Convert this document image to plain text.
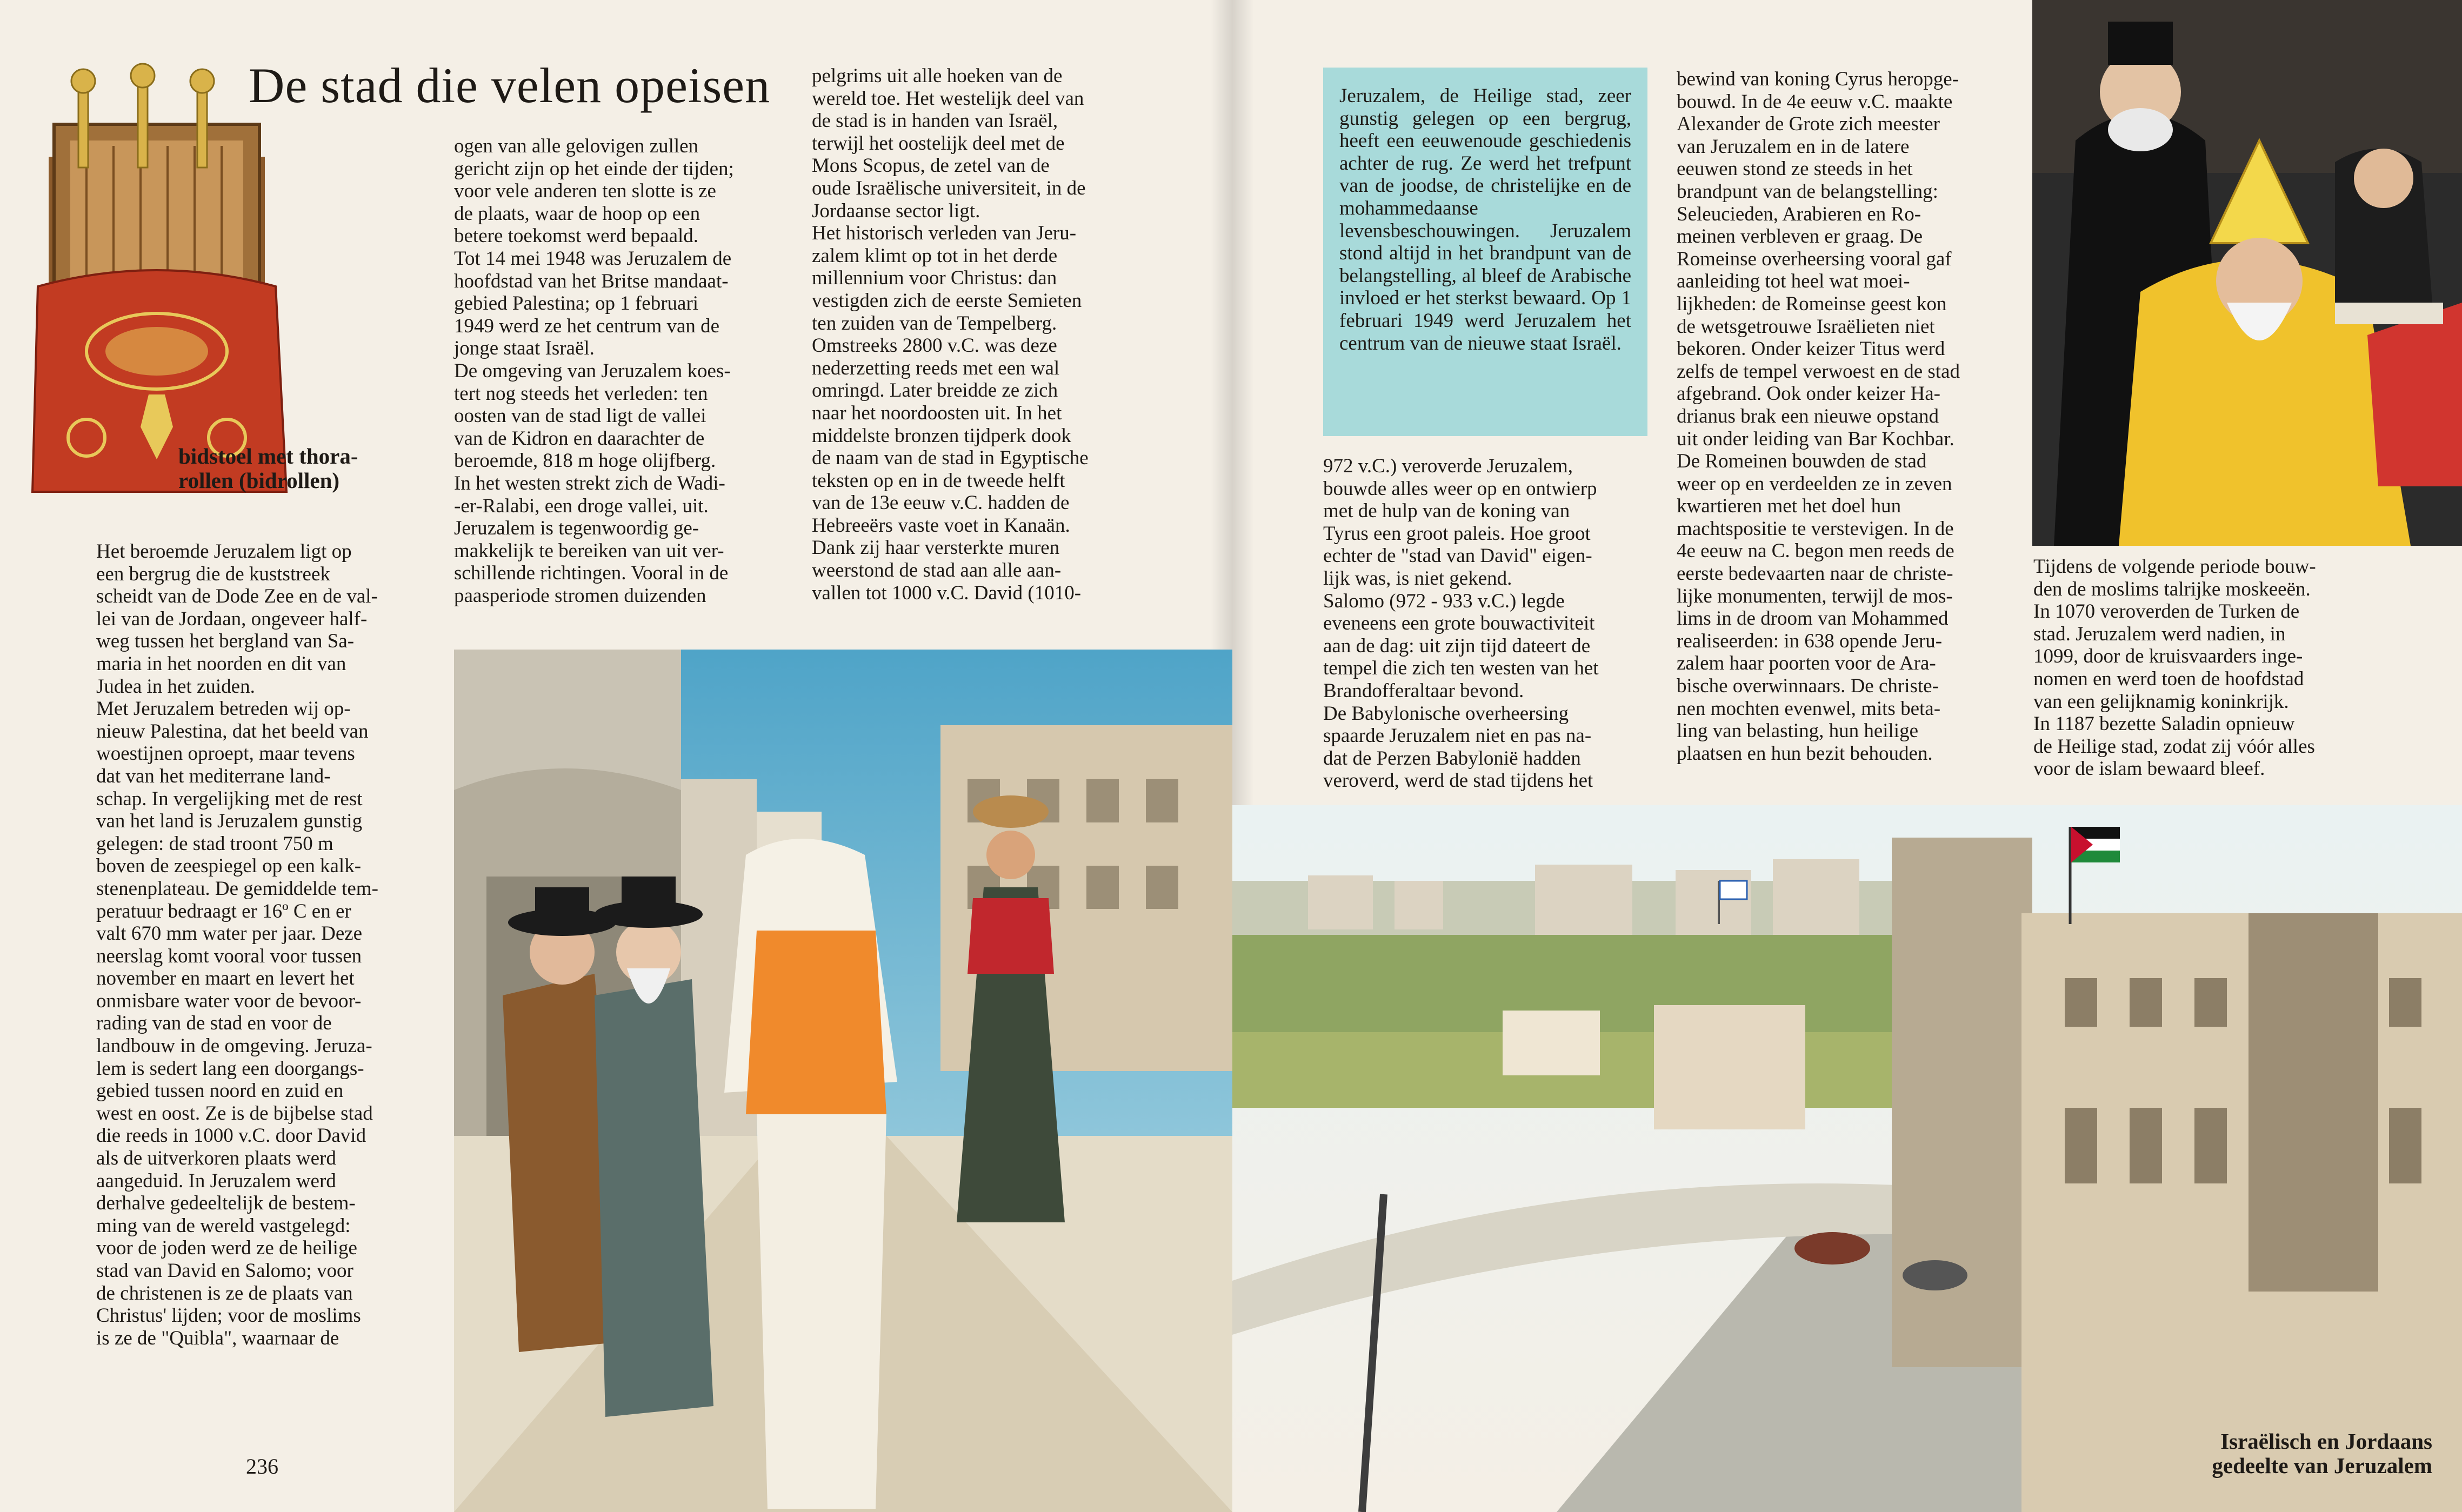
De stad die velen opeisen
bidstoel met thora-
rollen (bidrollen)
Het beroemde Jeruzalem ligt op
een bergrug die de kuststreek
scheidt van de Dode Zee en de val-
lei van de Jordaan, ongeveer half-
weg tussen het bergland van Sa-
maria in het noorden en dit van
Judea in het zuiden.
Met Jeruzalem betreden wij op-
nieuw Palestina, dat het beeld van
woestijnen oproept, maar tevens
dat van het mediterrane land-
schap. In vergelijking met de rest
van het land is Jeruzalem gunstig
gelegen: de stad troont 750 m
boven de zeespiegel op een kalk-
stenenplateau. De gemiddelde tem-
peratuur bedraagt er 16º C en er
valt 670 mm water per jaar. Deze
neerslag komt vooral voor tussen
november en maart en levert het
onmisbare water voor de bevoor-
rading van de stad en voor de
landbouw in de omgeving. Jeruza-
lem is sedert lang een doorgangs-
gebied tussen noord en zuid en
west en oost. Ze is de bijbelse stad
die reeds in 1000 v.C. door David
als de uitverkoren plaats werd
aangeduid. In Jeruzalem werd
derhalve gedeeltelijk de bestem-
ming van de wereld vastgelegd:
voor de joden werd ze de heilige
stad van David en Salomo; voor
de christenen is ze de plaats van
Christus' lijden; voor de moslims
is ze de "Quibla", waarnaar de
ogen van alle gelovigen zullen
gericht zijn op het einde der tijden;
voor vele anderen ten slotte is ze
de plaats, waar de hoop op een
betere toekomst werd bepaald.
Tot 14 mei 1948 was Jeruzalem de
hoofdstad van het Britse mandaat-
gebied Palestina; op 1 februari
1949 werd ze het centrum van de
jonge staat Israël.
De omgeving van Jeruzalem koes-
tert nog steeds het verleden: ten
oosten van de stad ligt de vallei
van de Kidron en daarachter de
beroemde, 818 m hoge olijfberg.
In het westen strekt zich de Wadi-
-er-Ralabi, een droge vallei, uit.
Jeruzalem is tegenwoordig ge-
makkelijk te bereiken van uit ver-
schillende richtingen. Vooral in de
paasperiode stromen duizenden
pelgrims uit alle hoeken van de
wereld toe. Het westelijk deel van
de stad is in handen van Israël,
terwijl het oostelijk deel met de
Mons Scopus, de zetel van de
oude Israëlische universiteit, in de
Jordaanse sector ligt.
Het historisch verleden van Jeru-
zalem klimt op tot in het derde
millennium voor Christus: dan
vestigden zich de eerste Semieten
ten zuiden van de Tempelberg.
Omstreeks 2800 v.C. was deze
nederzetting reeds met een wal
omringd. Later breidde ze zich
naar het noordoosten uit. In het
middelste bronzen tijdperk dook
de naam van de stad in Egyptische
teksten op en in de tweede helft
van de 13e eeuw v.C. hadden de
Hebreeërs vaste voet in Kanaän.
Dank zij haar versterkte muren
weerstond de stad aan alle aan-
vallen tot 1000 v.C. David (1010-
236
Jeruzalem, de Heilige stad, zeer gunstig gelegen op een bergrug, heeft een eeuwenoude geschiedenis achter de rug. Ze werd het trefpunt van de joodse, de christelijke en de mohammedaanse levensbeschouwingen. Jeruzalem stond altijd in het brandpunt van de belangstelling, al bleef de Arabische invloed er het sterkst bewaard. Op 1 februari 1949 werd Jeruzalem het centrum van de nieuwe staat Israël.
972 v.C.) veroverde Jeruzalem,
bouwde alles weer op en ontwierp
met de hulp van de koning van
Tyrus een groot paleis. Hoe groot
echter de "stad van David" eigen-
lijk was, is niet gekend.
Salomo (972 - 933 v.C.) legde
eveneens een grote bouwactiviteit
aan de dag: uit zijn tijd dateert de
tempel die zich ten westen van het
Brandofferaltaar bevond.
De Babylonische overheersing
spaarde Jeruzalem niet en pas na-
dat de Perzen Babylonië hadden
veroverd, werd de stad tijdens het
bewind van koning Cyrus heropge-
bouwd. In de 4e eeuw v.C. maakte
Alexander de Grote zich meester
van Jeruzalem en in de latere
eeuwen stond ze steeds in het
brandpunt van de belangstelling:
Seleuciеden, Arabieren en Ro-
meinen verbleven er graag. De
Romeinse overheersing vooral gaf
aanleiding tot heel wat moei-
lijkheden: de Romeinse geest kon
de wetsgetrouwe Israëlieten niet
bekoren. Onder keizer Titus werd
zelfs de tempel verwoest en de stad
afgebrand. Ook onder keizer Ha-
drianus brak een nieuwe opstand
uit onder leiding van Bar Kochbar.
De Romeinen bouwden de stad
weer op en verdeelden ze in zeven
kwartieren met het doel hun
machtspositie te verstevigen. In de
4e eeuw na C. begon men reeds de
eerste bedevaarten naar de christe-
lijke monumenten, terwijl de mos-
lims in de droom van Mohammed
realiseerden: in 638 opende Jeru-
zalem haar poorten voor de Ara-
bische overwinnaars. De christe-
nen mochten evenwel, mits beta-
ling van belasting, hun heilige
plaatsen en hun bezit behouden.
Tijdens de volgende periode bouw-
den de moslims talrijke moskeeën.
In 1070 veroverden de Turken de
stad. Jeruzalem werd nadien, in
1099, door de kruisvaarders inge-
nomen en werd toen de hoofdstad
van een gelijknamig koninkrijk.
In 1187 bezette Saladin opnieuw
de Heilige stad, zodat zij vóór alles
voor de islam bewaard bleef.
Israëlisch en Jordaans
gedeelte van Jeruzalem
